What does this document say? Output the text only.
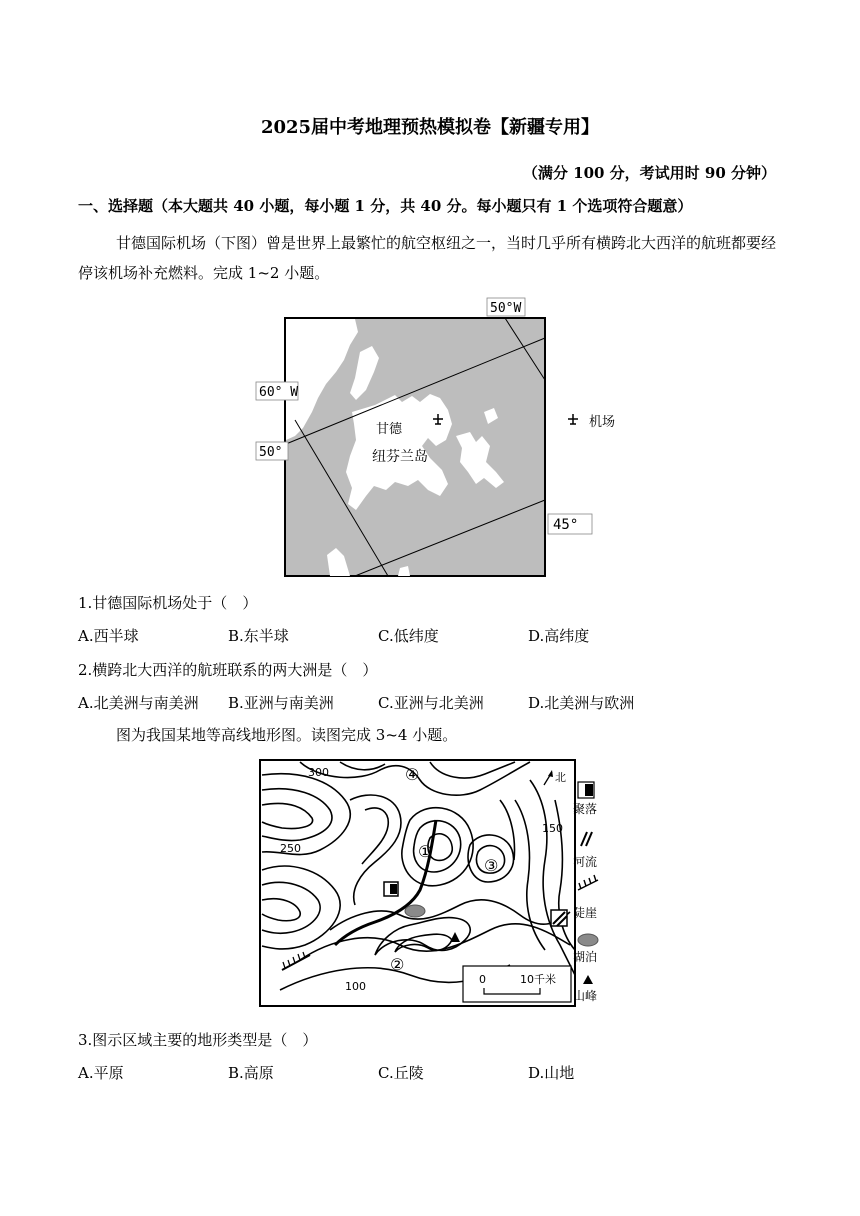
2025届中考地理预热模拟卷【新疆专用】
（满分 100 分，考试用时 90 分钟）
一、选择题（本大题共 40 小题，每小题 1 分，共 40 分。每小题只有 1 个选项符合题意）
甘德国际机场（下图）曾是世界上最繁忙的航空枢纽之一，当时几乎所有横跨北大西洋的航班都要经停该机场补充燃料。完成 1~2 小题。
50°W
60° W
50°
45°
甘德
纽芬兰岛
机场
1.甘德国际机场处于（　）
A.西半球	B.东半球	C.低纬度	D.高纬度
2.横跨北大西洋的航班联系的两大洲是（　）
A.北美洲与南美洲 B.亚洲与南美洲	C.亚洲与北美洲	D.北美洲与欧洲
图为我国某地等高线地形图。读图完成 3~4 小题。
300
250
150
100
④
①
③
②
北
0	10千米
聚落
河流
陡崖
湖泊
山峰
3.图示区域主要的地形类型是（　）
A.平原	B.高原	C.丘陵	D.山地
